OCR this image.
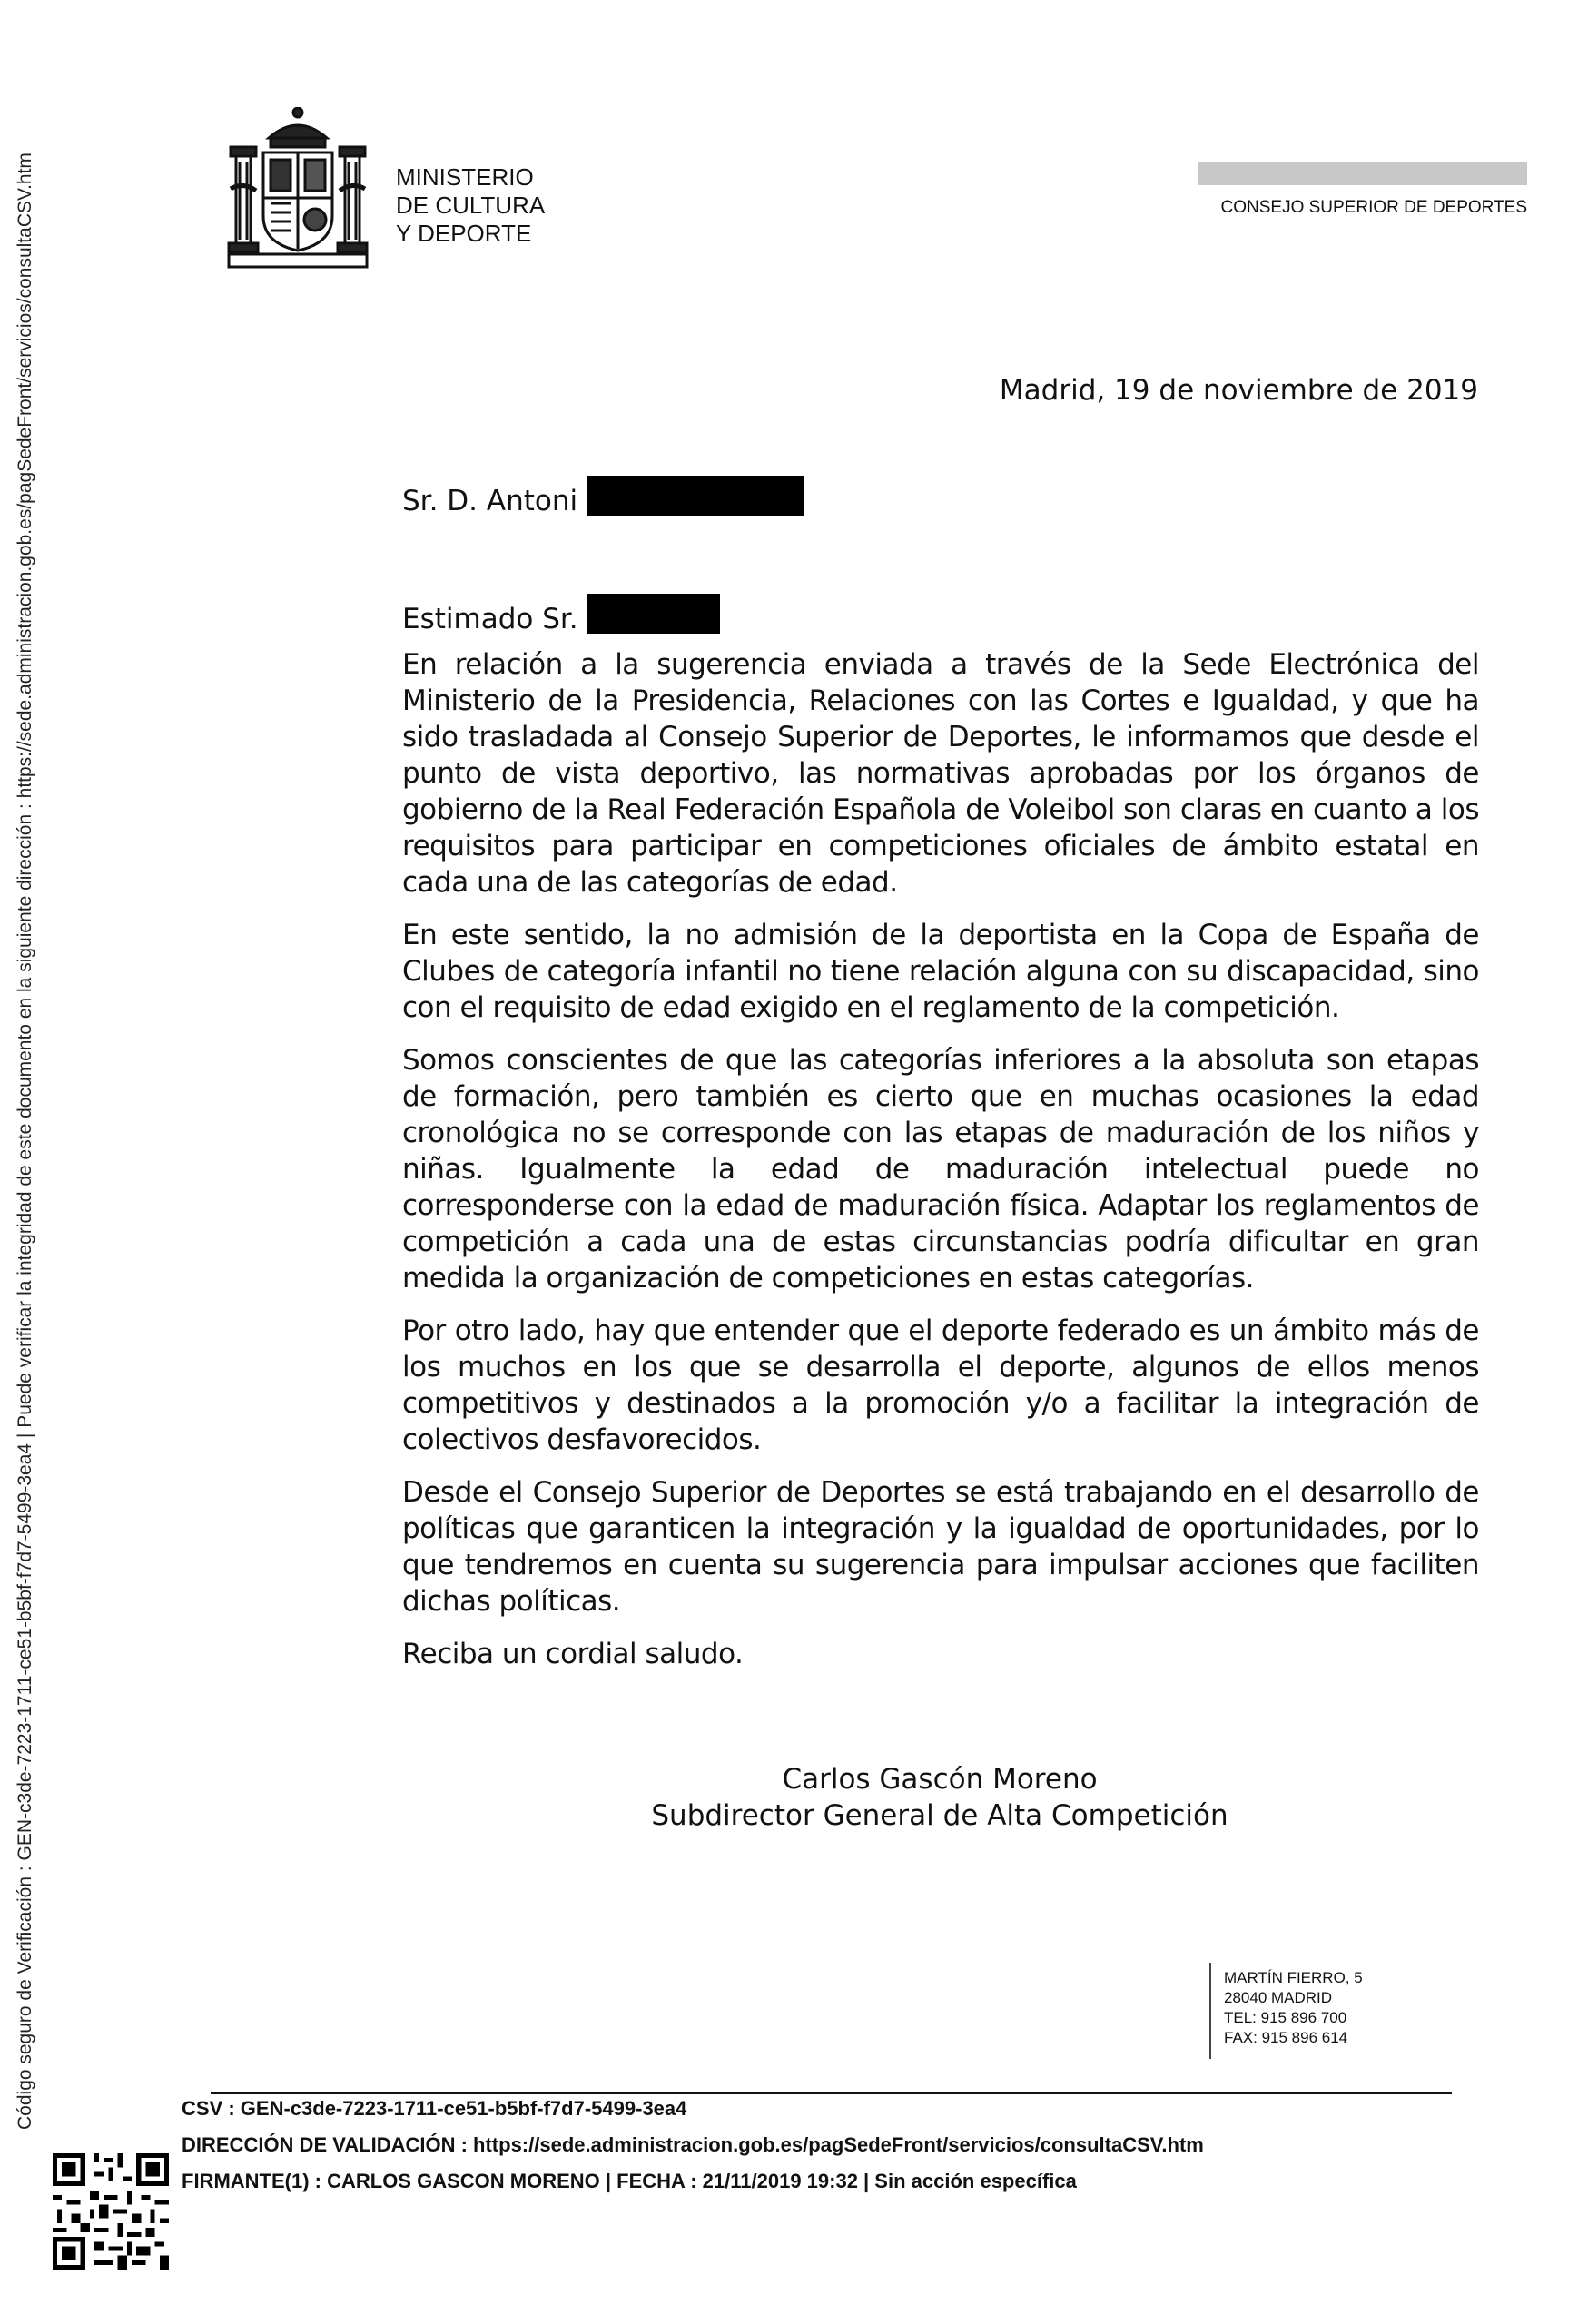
Código seguro de Verificación : GEN-c3de-7223-1711-ce51-b5bf-f7d7-5499-3ea4 | Puede verificar la integridad de este documento en la siguiente dirección : https://sede.administracion.gob.es/pagSedeFront/servicios/consultaCSV.htm	MINISTERIO
DE CULTURA
Y DEPORTE
CONSEJO SUPERIOR DE DEPORTES
Madrid, 19 de noviembre de 2019
Sr. D. Antoni
Estimado Sr.

En relación a la sugerencia enviada a través de la Sede Electrónica del Ministerio de la Presidencia, Relaciones con las Cortes e Igualdad, y que ha sido trasladada al Consejo Superior de Deportes, le informamos que desde el punto de vista deportivo, las normativas aprobadas por los órganos de gobierno de la Real Federación Española de Voleibol son claras en cuanto a los requisitos para participar en competiciones oficiales de ámbito estatal en cada una de las categorías de edad.

En este sentido, la no admisión de la deportista en la Copa de España de Clubes de categoría infantil no tiene relación alguna con su discapacidad, sino con el requisito de edad exigido en el reglamento de la competición.

Somos conscientes de que las categorías inferiores a la absoluta son etapas de formación, pero también es cierto que en muchas ocasiones la edad cronológica no se corresponde con las etapas de maduración de los niños y niñas. Igualmente la edad de maduración intelectual puede no corresponderse con la edad de maduración física. Adaptar los reglamentos de competición a cada una de estas circunstancias podría dificultar en gran medida la organización de competiciones en estas categorías.

Por otro lado, hay que entender que el deporte federado es un ámbito más de los muchos en los que se desarrolla el deporte, algunos de ellos menos competitivos y destinados a la promoción y/o a facilitar la integración de colectivos desfavorecidos.

Desde el Consejo Superior de Deportes se está trabajando en el desarrollo de políticas que garanticen la integración y la igualdad de oportunidades, por lo que tendremos en cuenta su sugerencia para impulsar acciones que faciliten dichas políticas.

Reciba un cordial saludo.

Carlos Gascón Moreno
Subdirector General de Alta Competición
MARTÍN FIERRO, 5
28040 MADRID
TEL: 915 896 700
FAX: 915 896 614
CSV : GEN-c3de-7223-1711-ce51-b5bf-f7d7-5499-3ea4
DIRECCIÓN DE VALIDACIÓN : https://sede.administracion.gob.es/pagSedeFront/servicios/consultaCSV.htm
FIRMANTE(1) : CARLOS GASCON MORENO | FECHA : 21/11/2019 19:32 | Sin acción específica
